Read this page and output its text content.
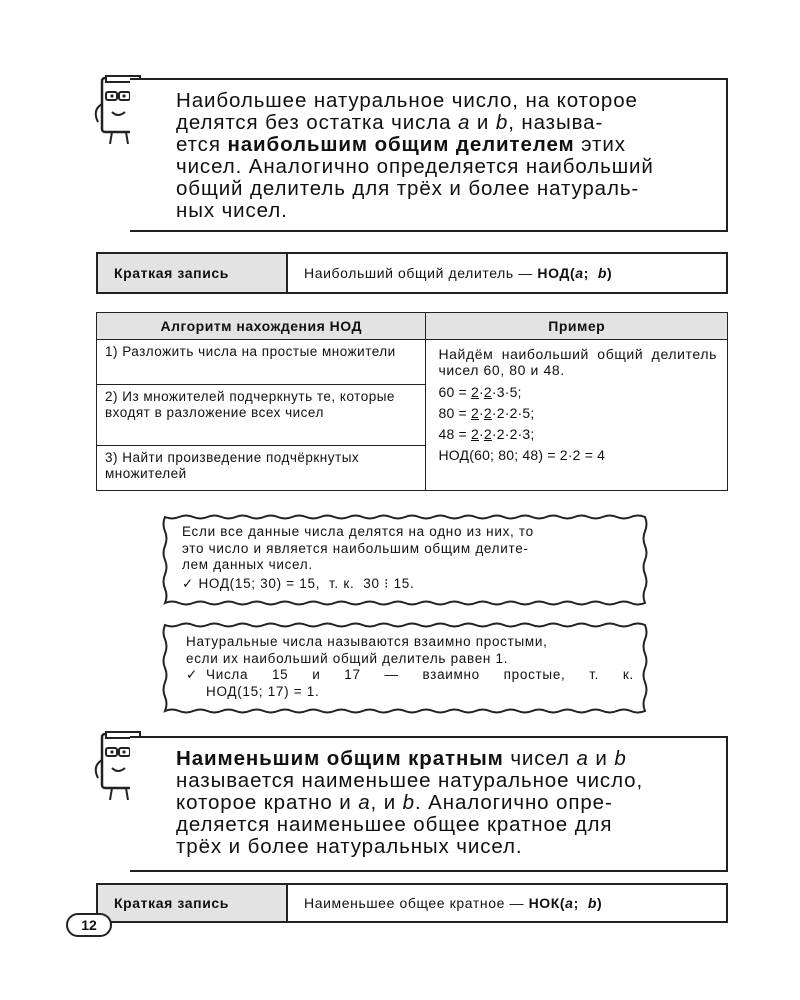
Наибольшее натуральное число, на которое
делятся без остатка числа a и b, называ-
ется наибольшим общим делителем этих
чисел. Аналогично определяется наибольший
общий делитель для трёх и более натураль-
ных чисел.
Краткая запись	Наибольший общий делитель — НОД(a;  b)
Алгоритм нахождения НОД	Пример
1) Разложить числа на простые множители	Найдём наибольший общий делитель чисел 60, 80 и 48.
60 = 2·2·3·5;
80 = 2·2·2·2·5;
48 = 2·2·2·2·3;
НОД(60; 80; 48) = 2·2 = 4

2) Из множителей подчеркнуть те, которые входят в разложение всех чисел	
3) Найти произведение подчёркнутых множителей	
Если все данные числа делятся на одно из них, то
это число и является наибольшим общим делите-
лем данных чисел.
✓ НОД(15; 30) = 15,  т. к.  30 ⁝ 15.
Натуральные числа называются взаимно простыми,
если их наибольший общий делитель равен 1.
✓ Числа 15 и 17 — взаимно простые, т. к.
НОД(15; 17) = 1.
Наименьшим общим кратным чисел a и b
называется наименьшее натуральное число,
которое кратно и a, и b. Аналогично опре-
деляется наименьшее общее кратное для
трёх и более натуральных чисел.
Краткая запись	Наименьшее общее кратное — НОК(a;  b)
12
